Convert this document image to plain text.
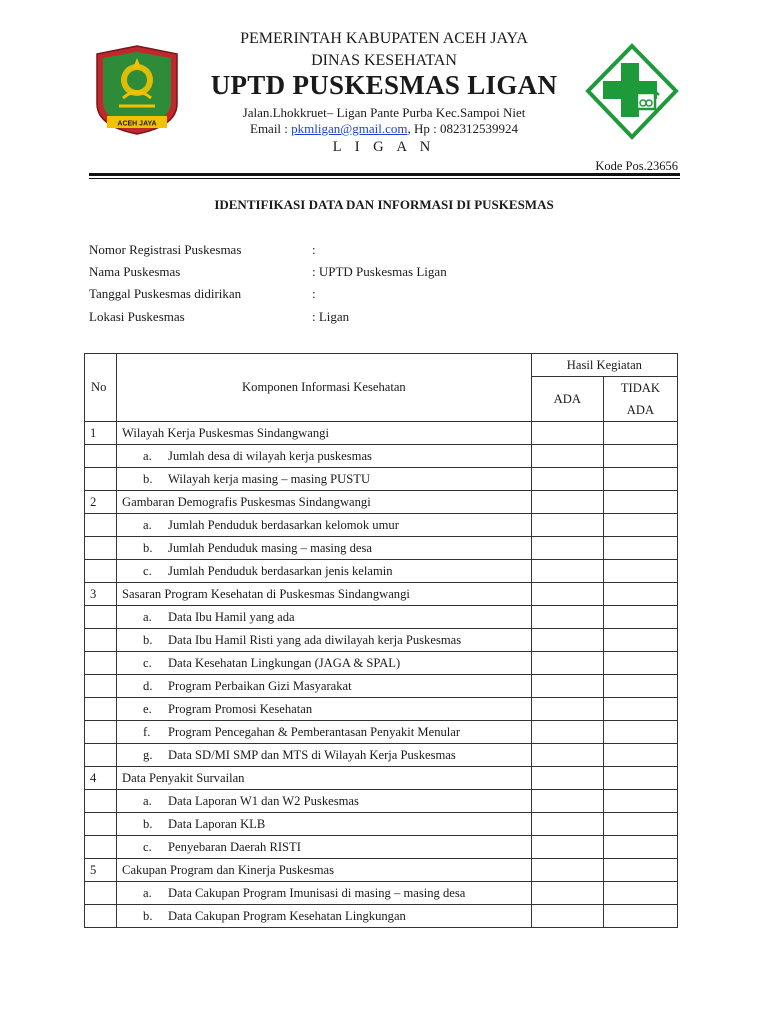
ACEH JAYA
PEMERINTAH KABUPATEN ACEH JAYA
DINAS KESEHATAN
UPTD PUSKESMAS LIGAN
Jalan.Lhokkruet– Ligan Pante Purba Kec.Sampoi Niet
Email : pkmligan@gmail.com, Hp : 082312539924
L I G A N
Kode Pos.23656
IDENTIFIKASI DATA DAN INFORMASI DI PUSKESMAS
Nomor Registrasi Puskesmas	:
Nama Puskesmas	: UPTD Puskesmas Ligan
Tanggal Puskesmas didirikan	:
Lokasi Puskesmas	: Ligan
No	Komponen Informasi Kesehatan	Hasil Kegiatan	
		ADA	TIDAK
ADA
1	Wilayah Kerja Puskesmas Sindangwangi		
	a. Jumlah desa di wilayah kerja puskesmas		
	b. Wilayah kerja masing – masing PUSTU		
2	Gambaran Demografis Puskesmas Sindangwangi		
	a. Jumlah Penduduk berdasarkan kelomok umur		
	b. Jumlah Penduduk masing – masing desa		
	c. Jumlah Penduduk berdasarkan jenis kelamin		
3	Sasaran Program Kesehatan di Puskesmas Sindangwangi		
	a. Data Ibu Hamil yang ada		
	b. Data Ibu Hamil Risti yang ada diwilayah kerja Puskesmas		
	c. Data Kesehatan Lingkungan (JAGA & SPAL)		
	d. Program Perbaikan Gizi Masyarakat		
	e. Program Promosi Kesehatan		
	f. Program Pencegahan & Pemberantasan Penyakit Menular		
	g. Data SD/MI SMP dan MTS di Wilayah Kerja Puskesmas		
4	Data Penyakit Survailan		
	a. Data Laporan W1 dan W2 Puskesmas		
	b. Data Laporan KLB		
	c. Penyebaran Daerah RISTI		
5	Cakupan Program dan Kinerja Puskesmas		
	a. Data Cakupan Program Imunisasi di masing – masing desa		
	b. Data Cakupan Program Kesehatan Lingkungan		
